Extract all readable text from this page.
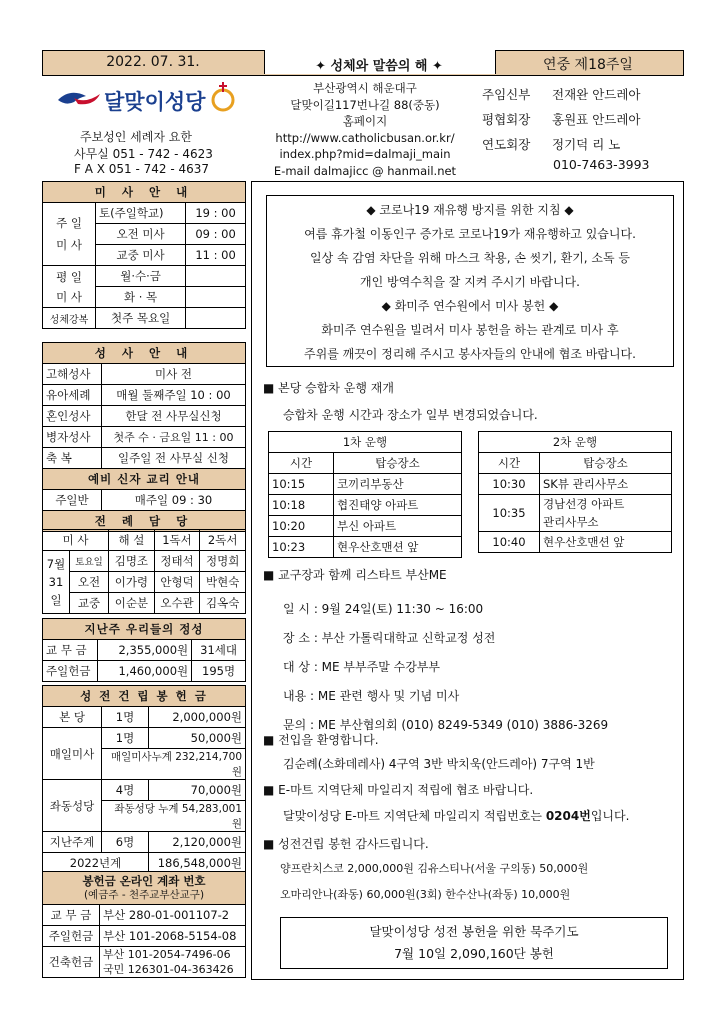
2022. 07. 31.	✦ 성체와 말씀의 해 ✦	연중 제18주일
달맞이성당
주보성인 세례자 요한
사무실 051 - 742 - 4623
F A X 051 - 742 - 4637
부산광역시 해운대구
달맞이길117번나길 88(중동)
홈페이지
http://www.catholicbusan.or.kr/
index.php?mid=dalmaji_main
E-mail dalmajicc @ hanmail.net
주임신부 전재완 안드레아
평협회장 홍원표 안드레아
연도회장 정기덕 리 노
010-7463-3993
미 사 안 내		
주 일
미 사	토(주일학교)	19 : 00
	오전 미사	09 : 00
	교중 미사	11 : 00
평 일
미 사	월·수·금	
	화 · 목	
성체강복	첫주 목요일	
성 사 안 내	
고해성사	미사 전
유아세례	매월 둘째주일 10 : 00
혼인성사	한달 전 사무실신청
병자성사	첫주 수 · 금요일 11 : 00
축 복	일주일 전 사무실 신청
예비 신자 교리 안내	
주일반	매주일 09 : 30
전 례 담 당	
미 사		해 설	1독서	2독서
7월
31일	토요일	김명조	정태석	정명희
	오전	이가령	안형덕	박현숙
	교중	이순분	오수관	김옥숙
지난주 우리들의 정성		
교 무 금	2,355,000원	31세대
주일헌금	1,460,000원	195명
성 전 건 립 봉 헌 금		
본 당	1명	2,000,000원
매일미사	1명	50,000원
	매일미사누계 232,214,700원	
좌동성당	4명	70,000원
	좌동성당 누계 54,283,001원	
지난주계	6명	2,120,000원
2022년계		186,548,000원
봉헌금 온라인 계좌 번호
(예금주 - 천주교부산교구)	

교 무 금	부산 280-01-001107-2
주일헌금	부산 101-2068-5154-08
건축헌금	부산 101-2054-7496-06
국민 126301-04-363426

◆ 코로나19 재유행 방지를 위한 지침 ◆

여름 휴가철 이동인구 증가로 코로나19가 재유행하고 있습니다.

일상 속 감염 차단을 위해 마스크 착용, 손 씻기, 환기, 소독 등

개인 방역수칙을 잘 지켜 주시기 바랍니다.

◆ 화미주 연수원에서 미사 봉헌 ◆

화미주 연수원을 빌려서 미사 봉헌을 하는 관계로 미사 후

주위를 깨끗이 정리해 주시고 봉사자들의 안내에 협조 바랍니다.

■ 본당 승합차 운행 재개
승합차 운행 시간과 장소가 일부 변경되었습니다.
1차 운행	
시간	탑승장소
10:15	코끼리부동산
10:18	협진태양 아파트
10:20	부신 아파트
10:23	현우산호맨션 앞
2차 운행	
시간	탑승장소
10:30	SK뷰 관리사무소
10:35	경남선경 아파트
관리사무소
10:40	현우산호맨션 앞
■ 교구장과 함께 리스타트 부산ME
일 시 : 9월 24일(토) 11:30 ~ 16:00
장 소 : 부산 가톨릭대학교 신학교정 성전
대 상 : ME 부부주말 수강부부
내용 : ME 관련 행사 및 기념 미사
문의 : ME 부산협의회 (010) 8249-5349 (010) 3886-3269
■ 전입을 환영합니다.
김순례(소화데레사) 4구역 3반 박치욱(안드레아) 7구역 1반
■ E-마트 지역단체 마일리지 적립에 협조 바랍니다.
달맞이성당 E-마트 지역단체 마일리지 적립번호는 0204번입니다.
■ 성전건립 봉헌 감사드립니다.
양프란치스코 2,000,000원 김유스티나(서울 구의동) 50,000원
오마리안나(좌동) 60,000원(3회) 한수산나(좌동) 10,000원
달맞이성당 성전 봉헌을 위한 묵주기도
7월 10일 2,090,160단 봉헌
